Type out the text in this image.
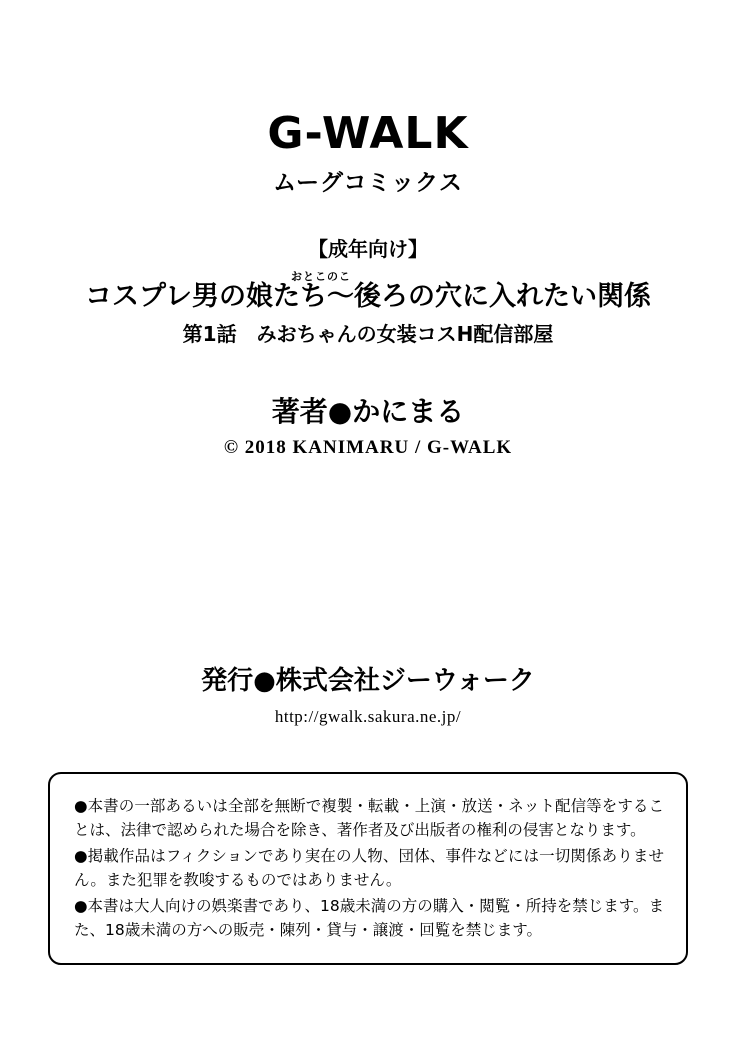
G-WALK
ムーグコミックス
【成年向け】
おとこのこ
コスプレ男の娘たち〜後ろの穴に入れたい関係
第1話　みおちゃんの女装コスH配信部屋
著者●かにまる
© 2018 KANIMARU / G-WALK
発行●株式会社ジーウォーク
http://gwalk.sakura.ne.jp/

●本書の一部あるいは全部を無断で複製・転載・上演・放送・ネット配信等をすることは、法律で認められた場合を除き、著作者及び出版者の権利の侵害となります。

●掲載作品はフィクションであり実在の人物、団体、事件などには一切関係ありません。また犯罪を教唆するものではありません。

●本書は大人向けの娯楽書であり、18歳未満の方の購入・閲覧・所持を禁じます。また、18歳未満の方への販売・陳列・貸与・譲渡・回覧を禁じます。
